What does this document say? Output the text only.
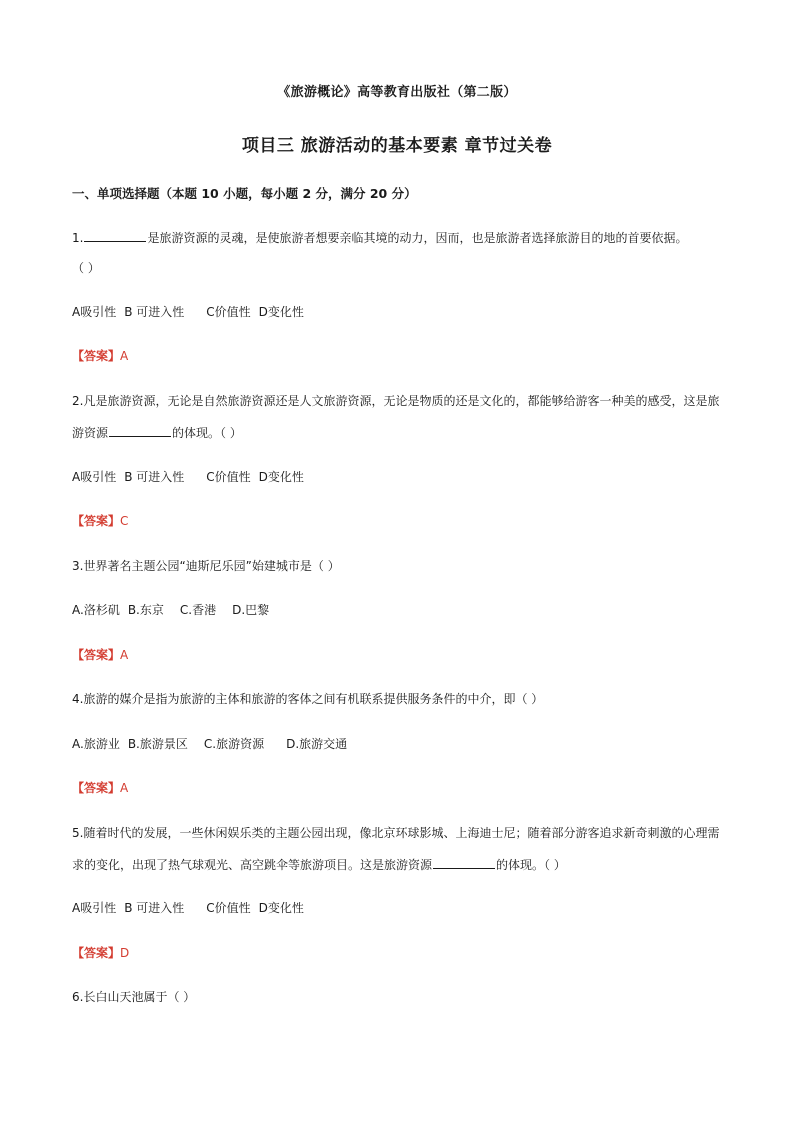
《旅游概论》高等教育出版社（第二版）
项目三 旅游活动的基本要素 章节过关卷
一、单项选择题（本题 10 小题，每小题 2 分，满分 20 分）
1.	是旅游资源的灵魂，是使旅游者想要亲临其境的动力，因而，也是旅游者选择旅游目的地的首要依据。
（ ）
A吸引性 B 可进入性 C价值性 D变化性
【答案】A
2.凡是旅游资源，无论是自然旅游资源还是人文旅游资源，无论是物质的还是文化的，都能够给游客一种美的感受，这是旅
游资源	的体现。（ ）
A吸引性 B 可进入性 C价值性 D变化性
【答案】C
3.世界著名主题公园“迪斯尼乐园”始建城市是（ ）
A.洛杉矶 B.东京 C.香港 D.巴黎
【答案】A
4.旅游的媒介是指为旅游的主体和旅游的客体之间有机联系提供服务条件的中介，即（ ）
A.旅游业 B.旅游景区 C.旅游资源 D.旅游交通
【答案】A
5.随着时代的发展，一些休闲娱乐类的主题公园出现，像北京环球影城、上海迪士尼；随着部分游客追求新奇刺激的心理需
求的变化，出现了热气球观光、高空跳伞等旅游项目。这是旅游资源	的体现。（ ）
A吸引性 B 可进入性 C价值性 D变化性
【答案】D
6.长白山天池属于（ ）
